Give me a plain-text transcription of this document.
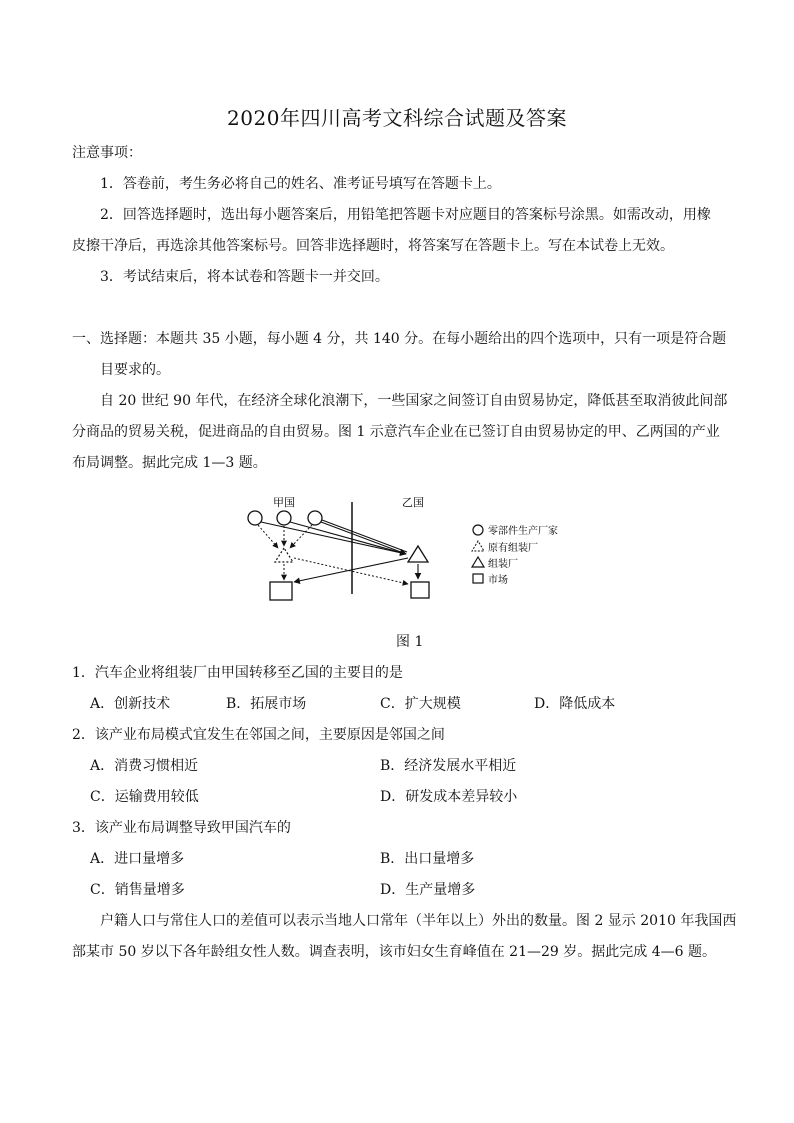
2020年四川高考文科综合试题及答案
注意事项：
1．答卷前，考生务必将自己的姓名、准考证号填写在答题卡上。
2．回答选择题时，选出每小题答案后，用铅笔把答题卡对应题目的答案标号涂黑。如需改动，用橡
皮擦干净后，再选涂其他答案标号。回答非选择题时，将答案写在答题卡上。写在本试卷上无效。
3．考试结束后，将本试卷和答题卡一并交回。
一、选择题：本题共 35 小题，每小题 4 分，共 140 分。在每小题给出的四个选项中，只有一项是符合题
目要求的。
自 20 世纪 90 年代，在经济全球化浪潮下，一些国家之间签订自由贸易协定，降低甚至取消彼此间部
分商品的贸易关税，促进商品的自由贸易。图 1 示意汽车企业在已签订自由贸易协定的甲、乙两国的产业
布局调整。据此完成 1—3 题。
甲国	乙国
零部件生产厂家
原有组装厂
组装厂
市场
图 1
1．汽车企业将组装厂由甲国转移至乙国的主要目的是
A．创新技术	B．拓展市场	C．扩大规模	D．降低成本
2．该产业布局模式宜发生在邻国之间，主要原因是邻国之间
A．消费习惯相近	B．经济发展水平相近
C．运输费用较低	D．研发成本差异较小
3．该产业布局调整导致甲国汽车的
A．进口量增多	B．出口量增多
C．销售量增多	D．生产量增多
户籍人口与常住人口的差值可以表示当地人口常年（半年以上）外出的数量。图 2 显示 2010 年我国西
部某市 50 岁以下各年龄组女性人数。调查表明，该市妇女生育峰值在 21—29 岁。据此完成 4—6 题。
